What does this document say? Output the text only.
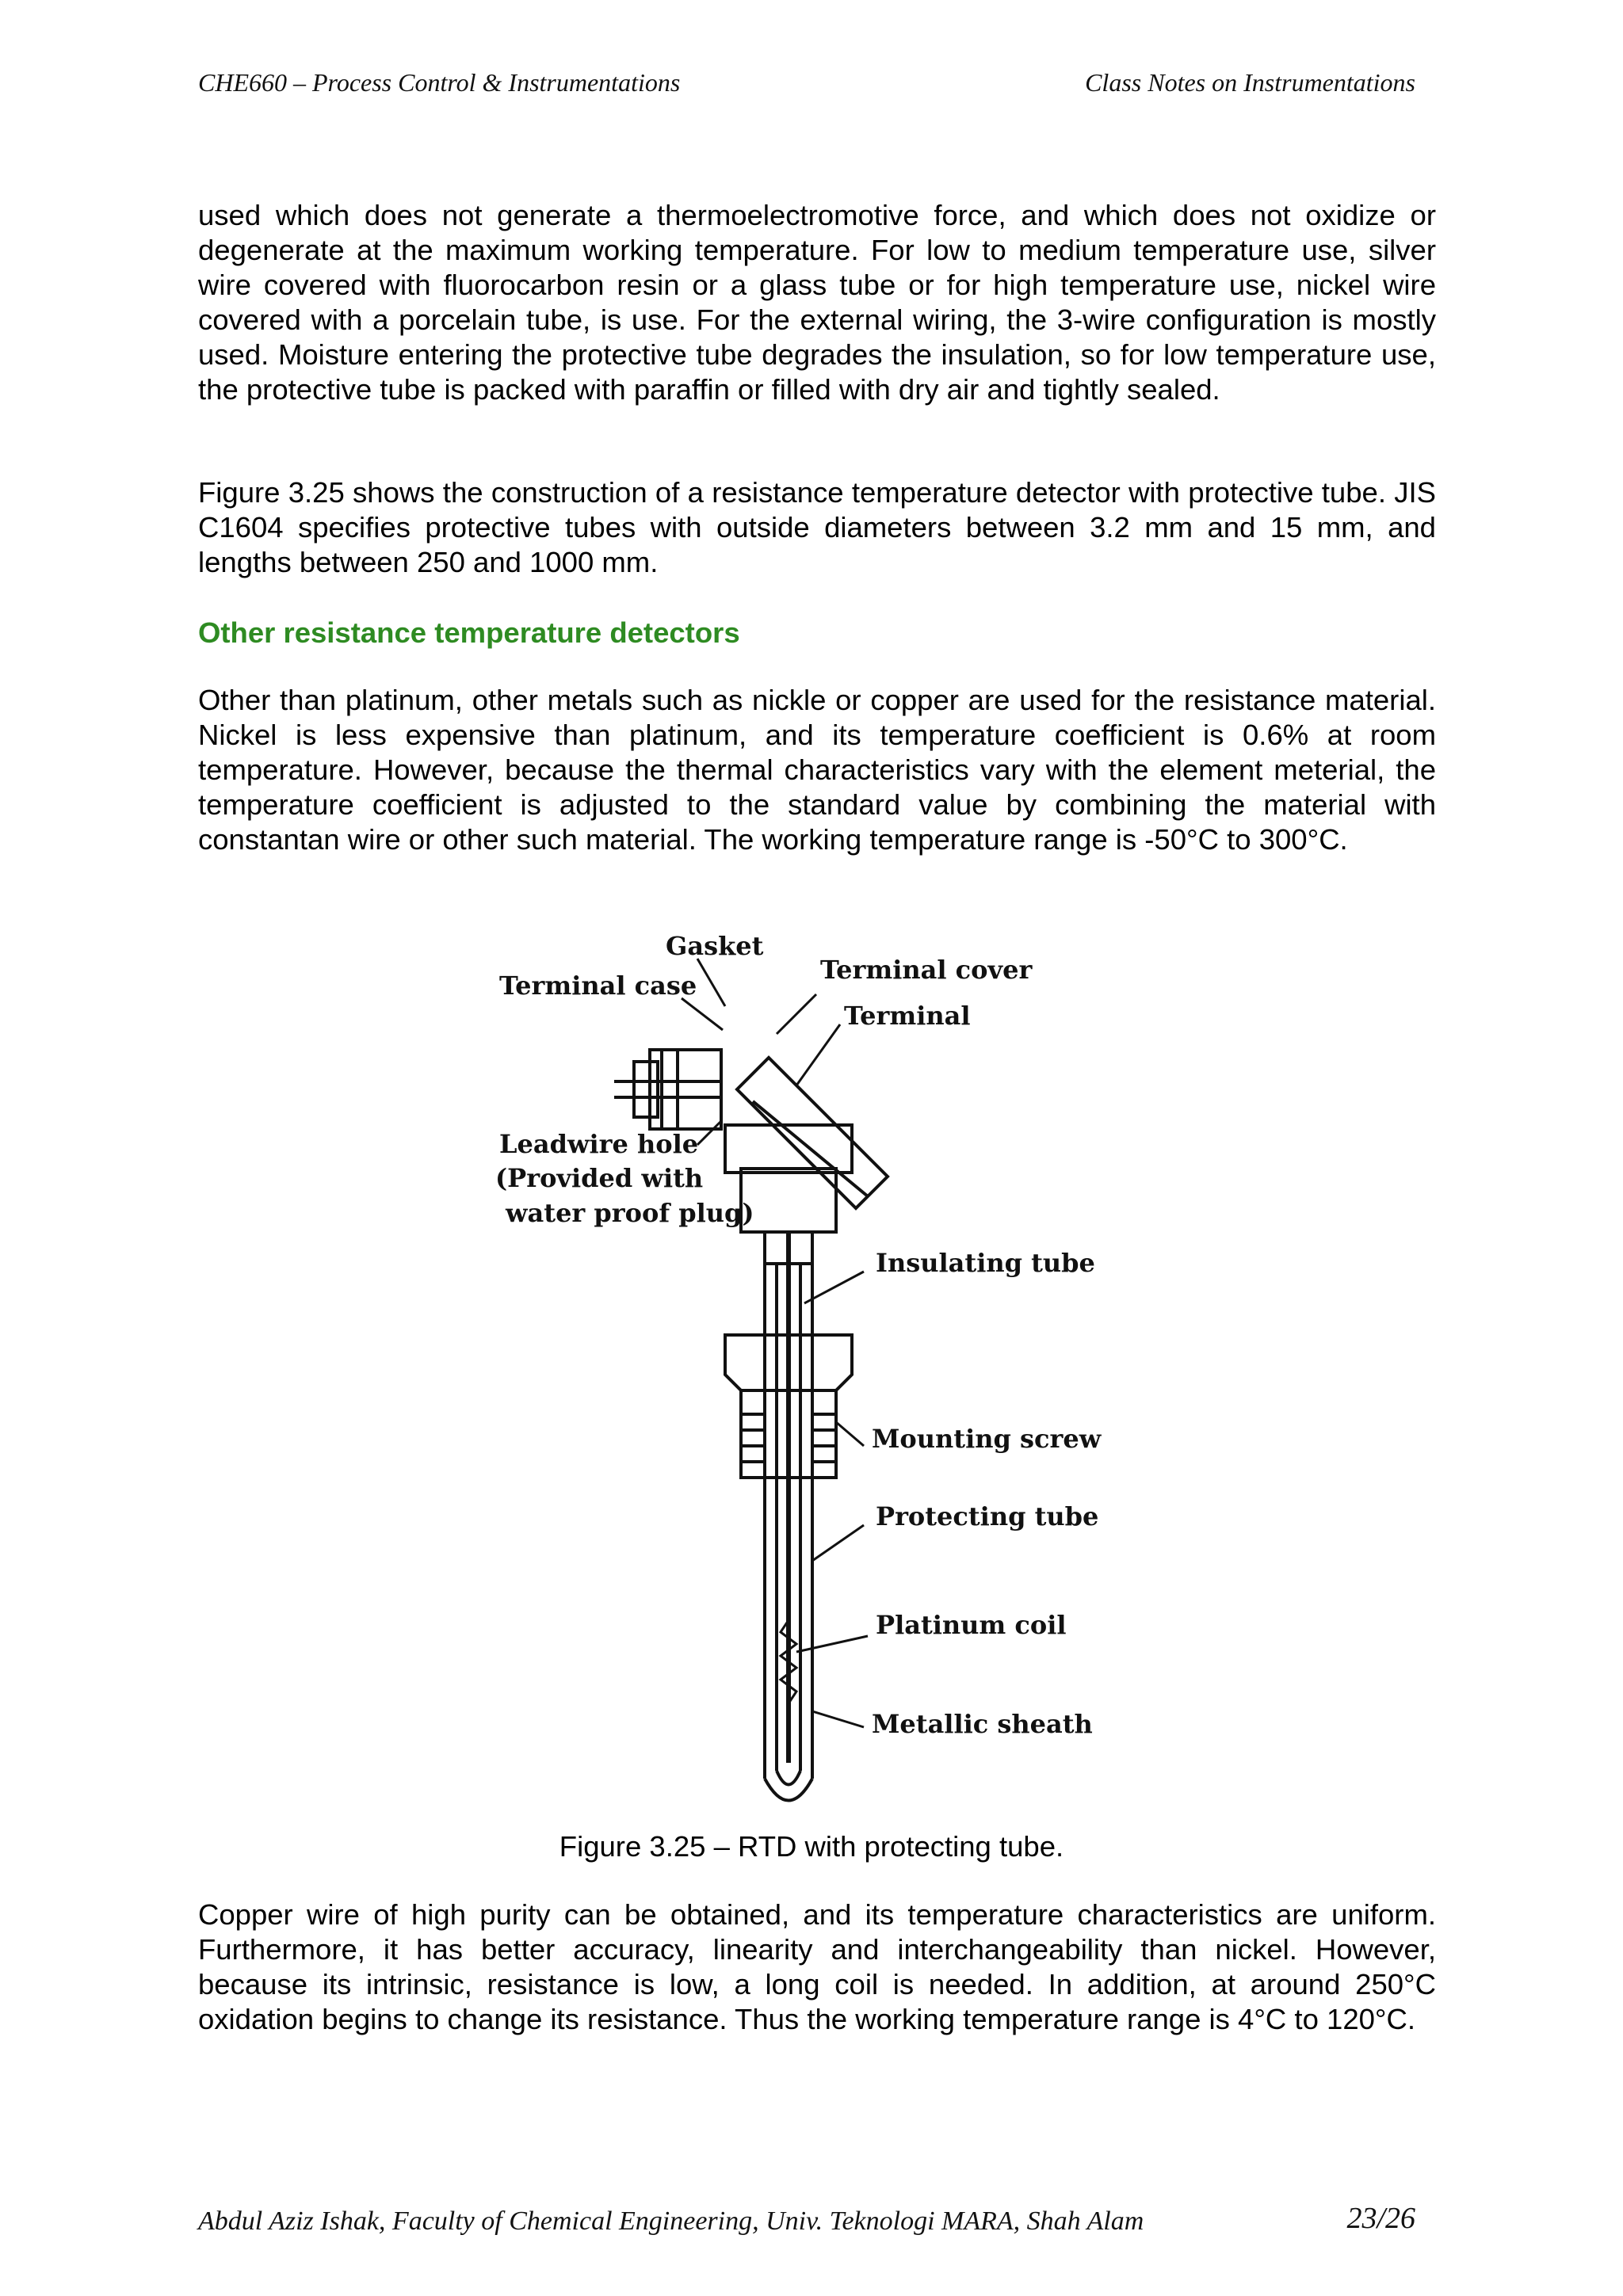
CHE660 – Process Control & Instrumentations	Class Notes on Instrumentations

used which does not generate a thermoelectromotive force, and which does not oxidize or degenerate at the maximum working temperature. For low to medium temperature use, silver wire covered with fluorocarbon resin or a glass tube or for high temperature use, nickel wire covered with a porcelain tube, is use. For the external wiring, the 3-wire configuration is mostly used. Moisture entering the protective tube degrades the insulation, so for low temperature use, the protective tube is packed with paraffin or filled with dry air and tightly sealed.

Figure 3.25 shows the construction of a resistance temperature detector with protective tube. JIS C1604 specifies protective tubes with outside diameters between 3.2 mm and 15 mm, and lengths between 250 and 1000 mm.

Other resistance temperature detectors

Other than platinum, other metals such as nickle or copper are used for the resistance material. Nickel is less expensive than platinum, and its temperature coefficient is 0.6% at room temperature. However, because the thermal characteristics vary with the element meterial, the temperature coefficient is adjusted to the standard value by combining the material with constantan wire or other such material. The working temperature range is -50°C to 300°C.

Gasket
Terminal case
Terminal cover
Terminal
Leadwire hole
(Provided with
water proof plug)
Insulating tube
Mounting screw
Protecting tube
Platinum coil
Metallic sheath

Figure 3.25 – RTD with protecting tube.

Copper wire of high purity can be obtained, and its temperature characteristics are uniform. Furthermore, it has better accuracy, linearity and interchangeability than nickel. However, because its intrinsic, resistance is low, a long coil is needed. In addition, at around 250°C oxidation begins to change its resistance. Thus the working temperature range is 4°C to 120°C.

Abdul Aziz Ishak, Faculty of Chemical Engineering, Univ. Teknologi MARA, Shah Alam	23/26
